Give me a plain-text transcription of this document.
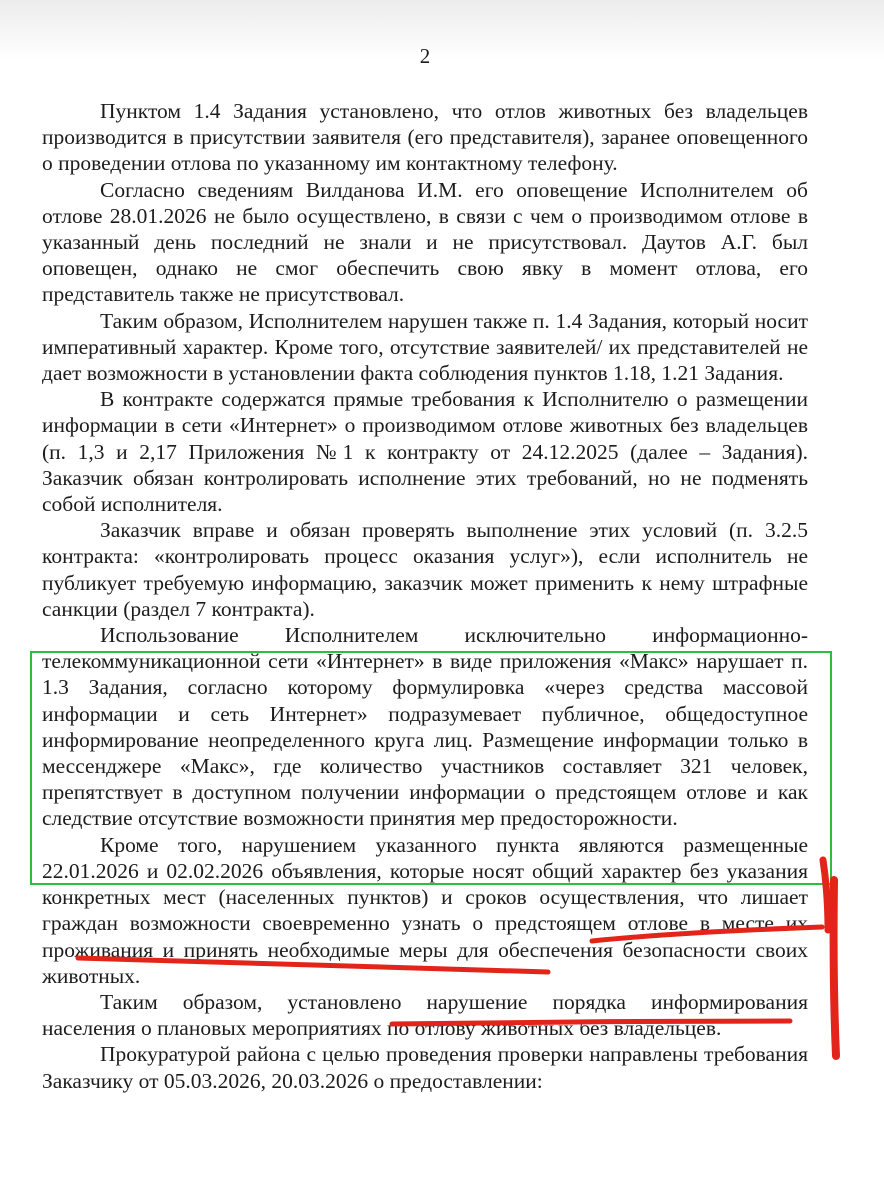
2

Пунктом 1.4 Задания установлено, что отлов животных без владельцев производится в присутствии заявителя (его представителя), заранее оповещенного о проведении отлова по указанному им контактному телефону.

Согласно сведениям Вилданова И.М. его оповещение Исполнителем об отлове 28.01.2026 не было осуществлено, в связи с чем о производимом отлове в указанный день последний не знали и не присутствовал. Даутов А.Г. был оповещен, однако не смог обеспечить свою явку в момент отлова, его представитель также не присутствовал.

Таким образом, Исполнителем нарушен также п. 1.4 Задания, который носит императивный характер. Кроме того, отсутствие заявителей/ их представителей не дает возможности в установлении факта соблюдения пунктов 1.18, 1.21 Задания.

В контракте содержатся прямые требования к Исполнителю о размещении информации в сети «Интернет» о производимом отлове животных без владельцев (п. 1,3 и 2,17 Приложения №1 к контракту от 24.12.2025 (далее – Задания). Заказчик обязан контролировать исполнение этих требований, но не подменять собой исполнителя.

Заказчик вправе и обязан проверять выполнение этих условий (п. 3.2.5 контракта: «контролировать процесс оказания услуг»), если исполнитель не публикует требуемую информацию, заказчик может применить к нему штрафные санкции (раздел 7 контракта).

Использование Исполнителем исключительно информационно-телекоммуникационной сети «Интернет» в виде приложения «Макс» нарушает п. 1.3 Задания, согласно которому формулировка «через средства массовой информации и сеть Интернет» подразумевает публичное, общедоступное информирование неопределенного круга лиц. Размещение информации только в мессенджере «Макс», где количество участников составляет 321 человек, препятствует в доступном получении информации о предстоящем отлове и как следствие отсутствие возможности принятия мер предосторожности.

Кроме того, нарушением указанного пункта являются размещенные 22.01.2026 и 02.02.2026 объявления, которые носят общий характер без указания конкретных мест (населенных пунктов) и сроков осуществления, что лишает граждан возможности своевременно узнать о предстоящем отлове в месте их проживания и принять необходимые меры для обеспечения безопасности своих животных.

Таким образом, установлено нарушение порядка информирования населения о плановых мероприятиях по отлову животных без владельцев.

Прокуратурой района с целью проведения проверки направлены требования Заказчику от 05.03.2026, 20.03.2026 о предоставлении:
